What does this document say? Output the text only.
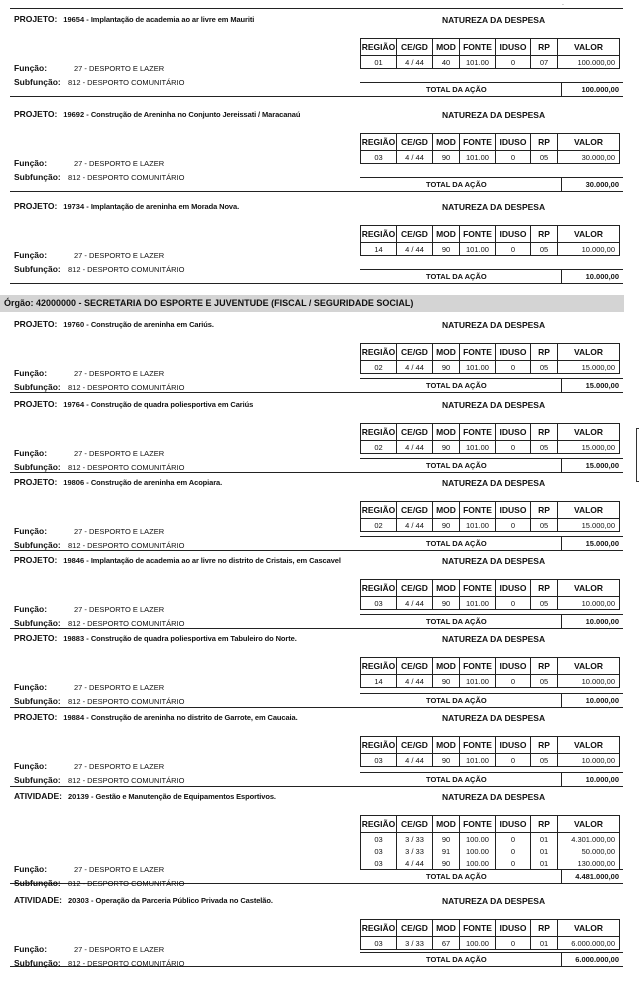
.
Órgão: 42000000 - SECRETARIA DO ESPORTE E JUVENTUDE (FISCAL / SEGURIDADE SOCIAL)
PROJETO: 19654 - Implantação de academia ao ar livre em Mauriti	NATUREZA DA DESPESA
REGIÃO	CE/GD	MOD	FONTE	IDUSO	RP	VALOR
01	4 / 44	40	101.00	0	07	100.000,00
Função:	27 - DESPORTO E LAZER
Subfunção: 812 - DESPORTO COMUNITÁRIO
TOTAL DA AÇÃO	100.000,00
PROJETO: 19692 - Construção de Areninha no Conjunto Jereissati / Maracanaú	NATUREZA DA DESPESA
REGIÃO	CE/GD	MOD	FONTE	IDUSO	RP	VALOR
03	4 / 44	90	101.00	0	05	30.000,00
Função:	27 - DESPORTO E LAZER
Subfunção: 812 - DESPORTO COMUNITÁRIO
TOTAL DA AÇÃO	30.000,00
PROJETO: 19734 - Implantação de areninha em Morada Nova.	NATUREZA DA DESPESA
REGIÃO	CE/GD	MOD	FONTE	IDUSO	RP	VALOR
14	4 / 44	90	101.00	0	05	10.000,00
Função:	27 - DESPORTO E LAZER
Subfunção: 812 - DESPORTO COMUNITÁRIO
TOTAL DA AÇÃO	10.000,00
PROJETO: 19760 - Construção de areninha em Cariús.	NATUREZA DA DESPESA
REGIÃO	CE/GD	MOD	FONTE	IDUSO	RP	VALOR
02	4 / 44	90	101.00	0	05	15.000,00
Função:	27 - DESPORTO E LAZER
Subfunção: 812 - DESPORTO COMUNITÁRIO	TOTAL DA AÇÃO	15.000,00
PROJETO: 19764 - Construção de quadra poliesportiva em Cariús	NATUREZA DA DESPESA
REGIÃO	CE/GD	MOD	FONTE	IDUSO	RP	VALOR
02	4 / 44	90	101.00	0	05	15.000,00
Função:	27 - DESPORTO E LAZER
Subfunção: 812 - DESPORTO COMUNITÁRIO	TOTAL DA AÇÃO	15.000,00
PROJETO: 19806 - Construção de areninha em Acopiara.	NATUREZA DA DESPESA
REGIÃO	CE/GD	MOD	FONTE	IDUSO	RP	VALOR
02	4 / 44	90	101.00	0	05	15.000,00
Função:	27 - DESPORTO E LAZER
Subfunção: 812 - DESPORTO COMUNITÁRIO	TOTAL DA AÇÃO	15.000,00
PROJETO: 19846 - Implantação de academia ao ar livre no distrito de Cristais, em Cascavel	NATUREZA DA DESPESA
REGIÃO	CE/GD	MOD	FONTE	IDUSO	RP	VALOR
03	4 / 44	90	101.00	0	05	10.000,00
Função:	27 - DESPORTO E LAZER
Subfunção: 812 - DESPORTO COMUNITÁRIO	TOTAL DA AÇÃO	10.000,00
PROJETO: 19883 - Construção de quadra poliesportiva em Tabuleiro do Norte.	NATUREZA DA DESPESA
REGIÃO	CE/GD	MOD	FONTE	IDUSO	RP	VALOR
14	4 / 44	90	101.00	0	05	10.000,00
Função:	27 - DESPORTO E LAZER
Subfunção: 812 - DESPORTO COMUNITÁRIO	TOTAL DA AÇÃO	10.000,00
PROJETO: 19884 - Construção de areninha no distrito de Garrote, em Caucaia.	NATUREZA DA DESPESA
REGIÃO	CE/GD	MOD	FONTE	IDUSO	RP	VALOR
03	4 / 44	90	101.00	0	05	10.000,00
Função:	27 - DESPORTO E LAZER
Subfunção: 812 - DESPORTO COMUNITÁRIO	TOTAL DA AÇÃO	10.000,00
ATIVIDADE: 20139 - Gestão e Manutenção de Equipamentos Esportivos.	NATUREZA DA DESPESA
REGIÃO	CE/GD	MOD	FONTE	IDUSO	RP	VALOR
03	3 / 33	90	100.00	0	01	4.301.000,00
03	3 / 33	91	100.00	0	01	50.000,00
03	4 / 44	90	100.00	0	01	130.000,00
Função:	27 - DESPORTO E LAZER
Subfunção: 812 - DESPORTO COMUNITÁRIO
TOTAL DA AÇÃO	4.481.000,00
ATIVIDADE: 20303 - Operação da Parceria Público Privada no Castelão.	NATUREZA DA DESPESA
REGIÃO	CE/GD	MOD	FONTE	IDUSO	RP	VALOR
03	3 / 33	67	100.00	0	01	6.000.000,00
Função:	27 - DESPORTO E LAZER
Subfunção: 812 - DESPORTO COMUNITÁRIO	TOTAL DA AÇÃO	6.000.000,00
